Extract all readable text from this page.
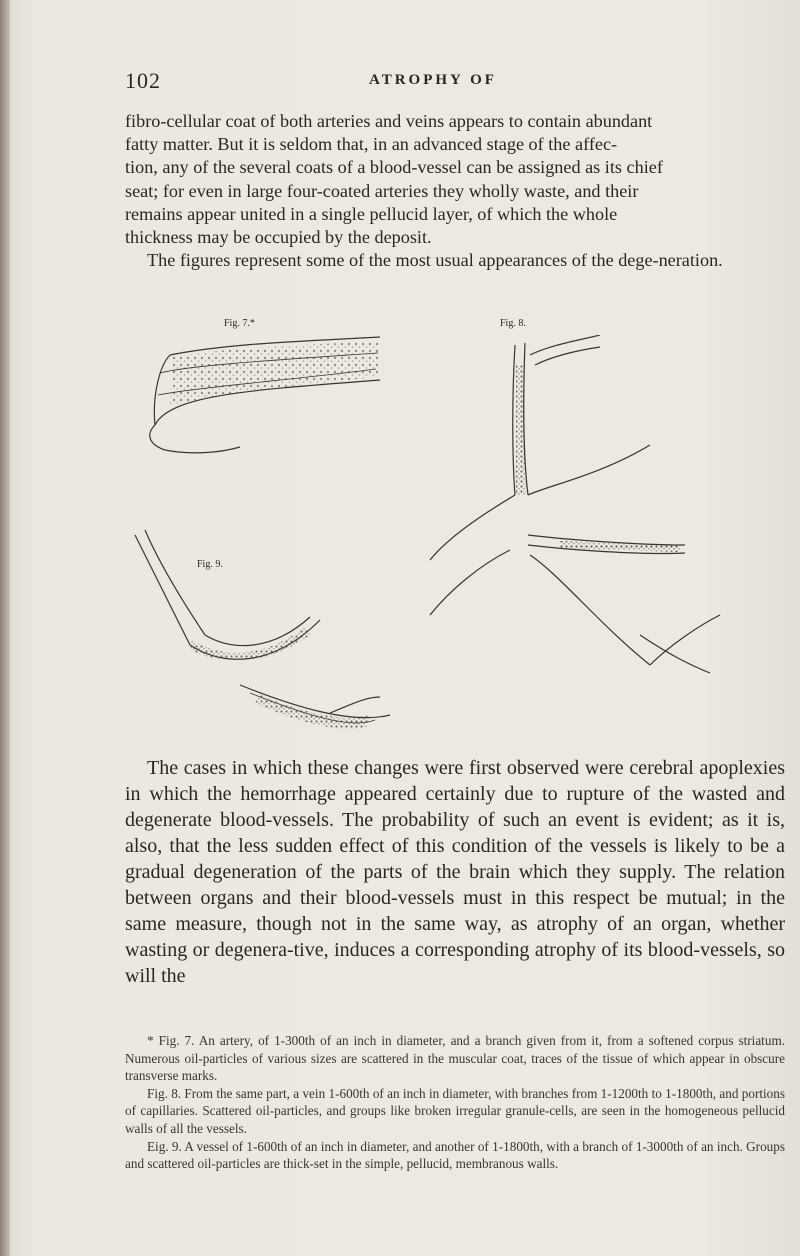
102	ATROPHY OF

fibro-cellular coat of both arteries and veins appears to contain abundant

fatty matter. But it is seldom that, in an advanced stage of the affec-

tion, any of the several coats of a blood-vessel can be assigned as its chief

seat; for even in large four-coated arteries they wholly waste, and their

remains appear united in a single pellucid layer, of which the whole

thickness may be occupied by the deposit.

The figures represent some of the most usual appearances of the dege-neration.

Fig. 7.*	Fig. 8.
Fig. 9.

The cases in which these changes were first observed were cerebral apoplexies in which the hemorrhage appeared certainly due to rupture of the wasted and degenerate blood-vessels. The probability of such an event is evident; as it is, also, that the less sudden effect of this condition of the vessels is likely to be a gradual degeneration of the parts of the brain which they supply. The relation between organs and their blood-vessels must in this respect be mutual; in the same measure, though not in the same way, as atrophy of an organ, whether wasting or degenera-tive, induces a corresponding atrophy of its blood-vessels, so will the

* Fig. 7. An artery, of 1-300th of an inch in diameter, and a branch given from it, from a softened corpus striatum. Numerous oil-particles of various sizes are scattered in the muscular coat, traces of the tissue of which appear in obscure transverse marks.

Fig. 8. From the same part, a vein 1-600th of an inch in diameter, with branches from 1-1200th to 1-1800th, and portions of capillaries. Scattered oil-particles, and groups like broken irregular granule-cells, are seen in the homogeneous pellucid walls of all the vessels.

Eig. 9. A vessel of 1-600th of an inch in diameter, and another of 1-1800th, with a branch of 1-3000th of an inch. Groups and scattered oil-particles are thick-set in the simple, pellucid, membranous walls.
